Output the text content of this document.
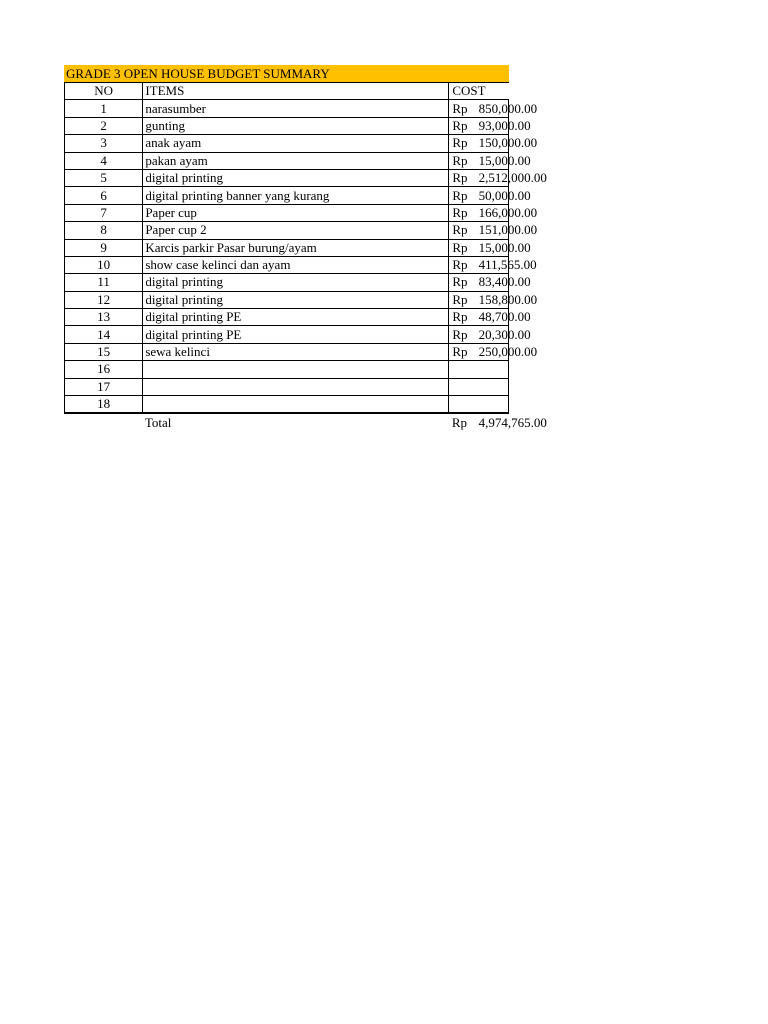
GRADE 3 OPEN HOUSE BUDGET SUMMARY
NO	ITEMS	COST	
1	narasumber	Rp	850,000.00
2	gunting	Rp	93,000.00
3	anak ayam	Rp	150,000.00
4	pakan ayam	Rp	15,000.00
5	digital printing	Rp	2,512,000.00
6	digital printing banner yang kurang	Rp	50,000.00
7	Paper cup	Rp	166,000.00
8	Paper cup 2	Rp	151,000.00
9	Karcis parkir Pasar burung/ayam	Rp	15,000.00
10	show case kelinci dan ayam	Rp	411,565.00
11	digital printing	Rp	83,400.00
12	digital printing	Rp	158,800.00
13	digital printing PE	Rp	48,700.00
14	digital printing PE	Rp	20,300.00
15	sewa kelinci	Rp	250,000.00
16			
17			
18			
	Total	Rp	4,974,765.00
